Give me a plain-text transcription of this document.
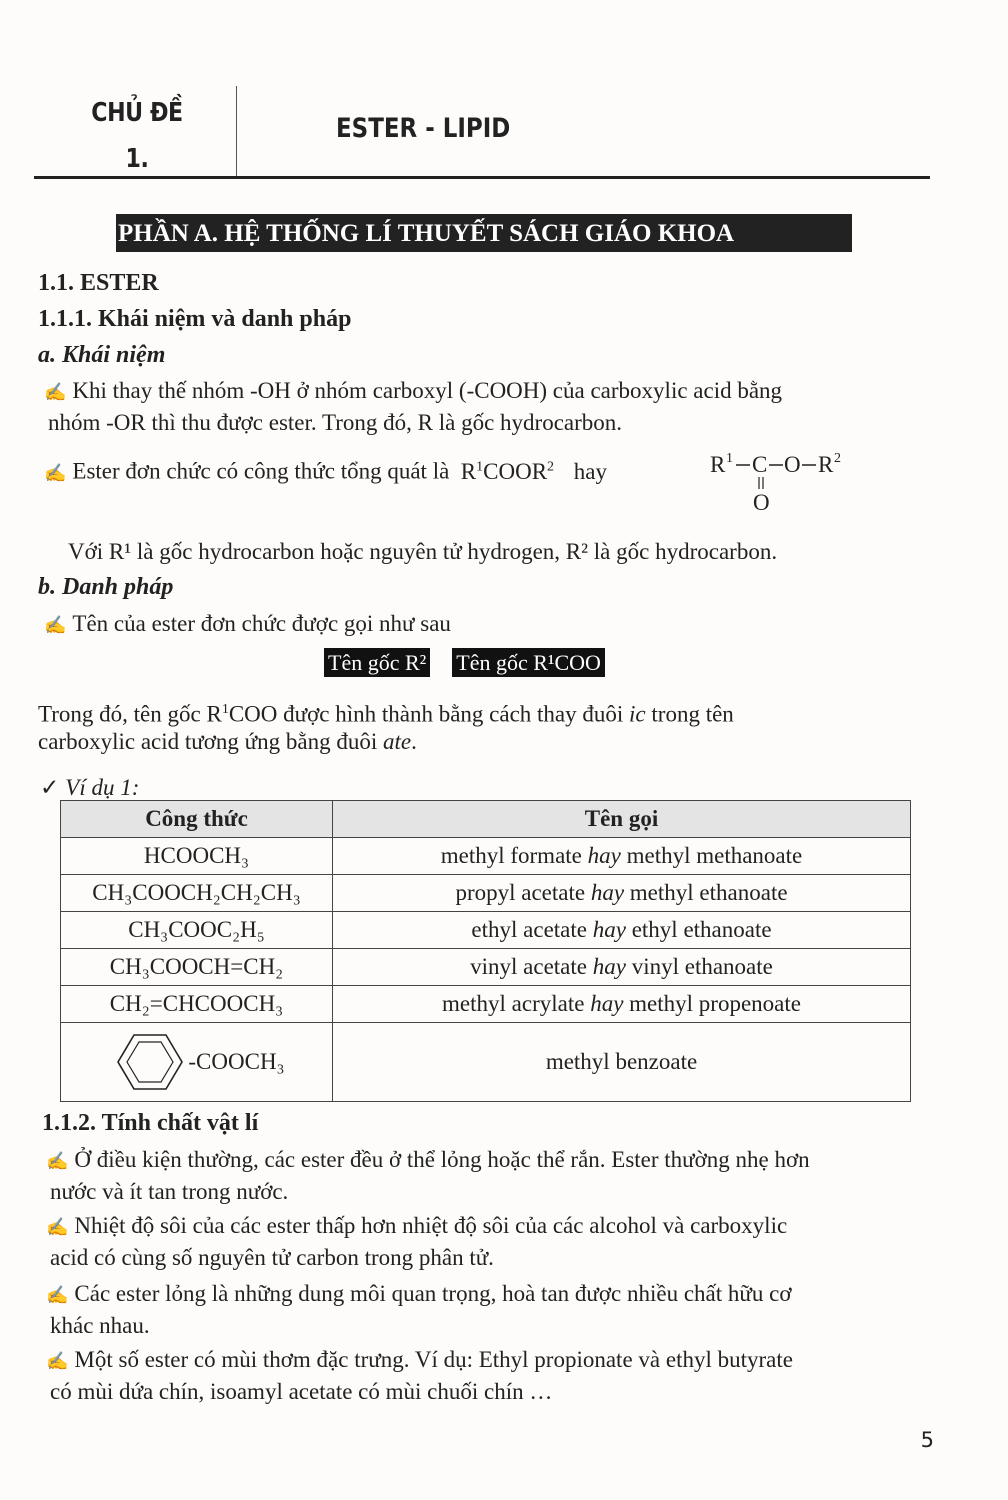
CHỦ ĐỀ
1.
ESTER - LIPID
PHẦN A. HỆ THỐNG LÍ THUYẾT SÁCH GIÁO KHOA
1.1. ESTER
1.1.1. Khái niệm và danh pháp
a. Khái niệm
✍ Khi thay thế nhóm -OH ở nhóm carboxyl (-COOH) của carboxylic acid bằng
nhóm -OR thì thu được ester. Trong đó, R là gốc hydrocarbon.
✍ Ester đơn chức có công thức tổng quát là  $R^1COOR^2$ hay	R 1 C O R 2
O
Với R¹ là gốc hydrocarbon hoặc nguyên tử hydrogen, R² là gốc hydrocarbon.
b. Danh pháp
✍ Tên của ester đơn chức được gọi như sau
Tên gốc R² Tên gốc R¹COO
Trong đó, tên gốc $R^1COO$ được hình thành bằng cách thay đuôi ic trong tên
carboxylic acid tương ứng bằng đuôi ate.
✓ Ví dụ 1:
Công thức	Tên gọi
HCOOCH₃	methyl formate hay methyl methanoate
CH₃COOCH₂CH₂CH₃	propyl acetate hay methyl ethanoate
CH₃COOC₂H₅	ethyl acetate hay ethyl ethanoate
CH₃COOCH=CH₂	vinyl acetate hay vinyl ethanoate
CH₂=CHCOOCH₃	methyl acrylate hay methyl propenoate

-COOCH₃	methyl benzoate
1.1.2. Tính chất vật lí
✍ Ở điều kiện thường, các ester đều ở thể lỏng hoặc thể rắn. Ester thường nhẹ hơn
nước và ít tan trong nước.
✍ Nhiệt độ sôi của các ester thấp hơn nhiệt độ sôi của các alcohol và carboxylic
acid có cùng số nguyên tử carbon trong phân tử.
✍ Các ester lỏng là những dung môi quan trọng, hoà tan được nhiều chất hữu cơ
khác nhau.
✍ Một số ester có mùi thơm đặc trưng. Ví dụ: Ethyl propionate và ethyl butyrate
có mùi dứa chín, isoamyl acetate có mùi chuối chín …
5
